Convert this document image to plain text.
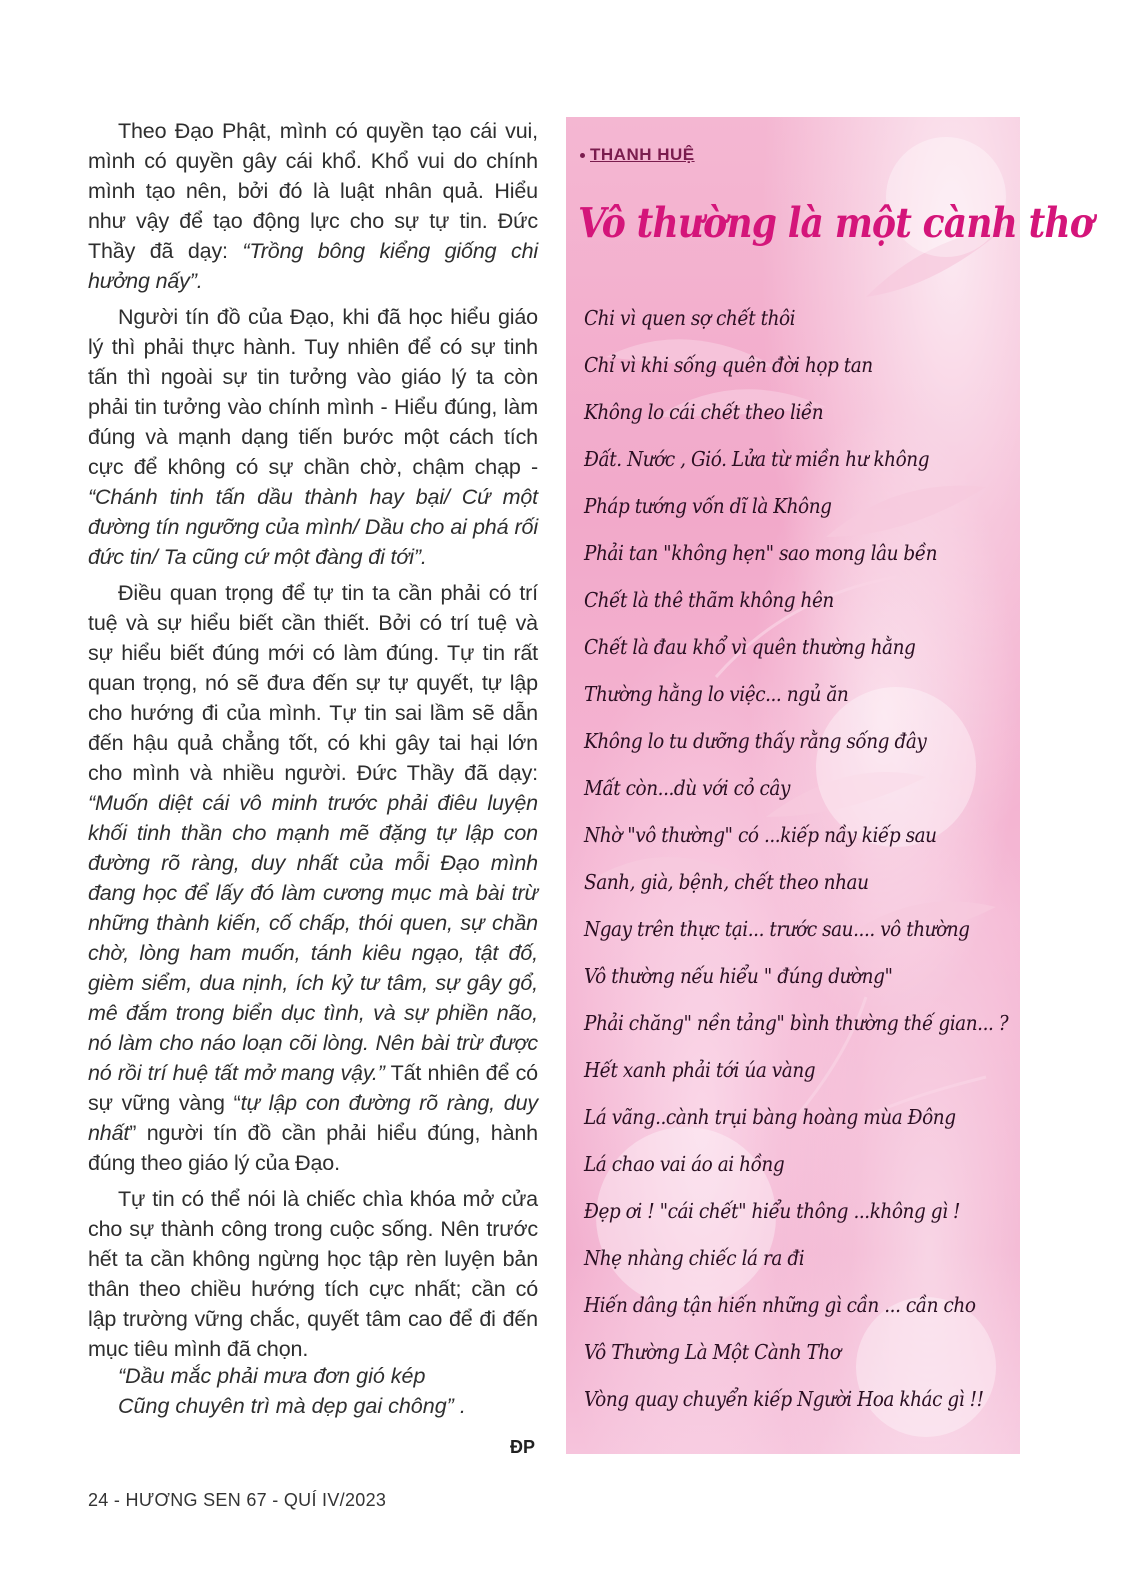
Theo Đạo Phật, mình có quyền tạo cái vui, mình có quyền gây cái khổ. Khổ vui do chính mình tạo nên, bởi đó là luật nhân quả. Hiểu như vậy để tạo động lực cho sự tự tin. Đức Thầy đã dạy: “Trồng bông kiểng giống chi hưởng nấy”.

Người tín đồ của Đạo, khi đã học hiểu giáo lý thì phải thực hành. Tuy nhiên để có sự tinh tấn thì ngoài sự tin tưởng vào giáo lý ta còn phải tin tưởng vào chính mình - Hiểu đúng, làm đúng và mạnh dạng tiến bước một cách tích cực để không có sự chần chờ, chậm chạp - “Chánh tinh tấn dầu thành hay bại/ Cứ một đường tín ngưỡng của mình/ Dầu cho ai phá rối đức tin/ Ta cũng cứ một đàng đi tới”.

Điều quan trọng để tự tin ta cần phải có trí tuệ và sự hiểu biết cần thiết. Bởi có trí tuệ và sự hiểu biết đúng mới có làm đúng. Tự tin rất quan trọng, nó sẽ đưa đến sự tự quyết, tự lập cho hướng đi của mình. Tự tin sai lầm sẽ dẫn đến hậu quả chẳng tốt, có khi gây tai hại lớn cho mình và nhiều người. Đức Thầy đã dạy: “Muốn diệt cái vô minh trước phải điêu luyện khối tinh thần cho mạnh mẽ đặng tự lập con đường rõ ràng, duy nhất của mỗi Đạo mình đang học để lấy đó làm cương mục mà bài trừ những thành kiến, cố chấp, thói quen, sự chần chờ, lòng ham muốn, tánh kiêu ngạo, tật đố, gièm siểm, dua nịnh, ích kỷ tư tâm, sự gây gổ, mê đắm trong biển dục tình, và sự phiền não, nó làm cho náo loạn cõi lòng. Nên bài trừ được nó rồi trí huệ tất mở mang vậy.” Tất nhiên để có sự vững vàng “tự lập con đường rõ ràng, duy nhất” người tín đồ cần phải hiểu đúng, hành đúng theo giáo lý của Đạo.

Tự tin có thể nói là chiếc chìa khóa mở cửa cho sự thành công trong cuộc sống. Nên trước hết ta cần không ngừng học tập rèn luyện bản thân theo chiều hướng tích cực nhất; cần có lập trường vững chắc, quyết tâm cao để đi đến mục tiêu mình đã chọn.

“Dầu mắc phải mưa đơn gió kép
Cũng chuyên trì mà dẹp gai chông” .
ĐP
24 - HƯƠNG SEN 67 - QUÍ IV/2023
THANH HUỆ
Vô thường là một cành thơ
Chi vì quen sợ chết thôi
Chỉ vì khi sống quên đời họp tan
Không lo cái chết theo liền
Đất. Nước , Gió. Lửa từ miền hư không
Pháp tướng vốn dĩ là Không
Phải tan "không hẹn" sao mong lâu bền
Chết là thê thãm không hên
Chết là đau khổ vì quên thường hằng
Thường hằng lo việc... ngủ ăn
Không lo tu dưỡng thấy rằng sống đây
Mất còn...dù với cỏ cây
Nhờ "vô thường" có ...kiếp nầy kiếp sau
Sanh, già, bệnh, chết theo nhau
Ngay trên thực tại... trước sau.... vô thường
Vô thường nếu hiểu " đúng dường"
Phải chăng" nền tảng" bình thường thế gian... ?
Hết xanh phải tới úa vàng
Lá vãng..cành trụi bàng hoàng mùa Đông
Lá chao vai áo ai hồng
Đẹp ơi ! "cái chết" hiểu thông ...không gì !
Nhẹ nhàng chiếc lá ra đi
Hiến dâng tận hiến những gì cần ... cần cho
Vô Thường Là Một Cành Thơ
Vòng quay chuyển kiếp Người Hoa khác gì !!
